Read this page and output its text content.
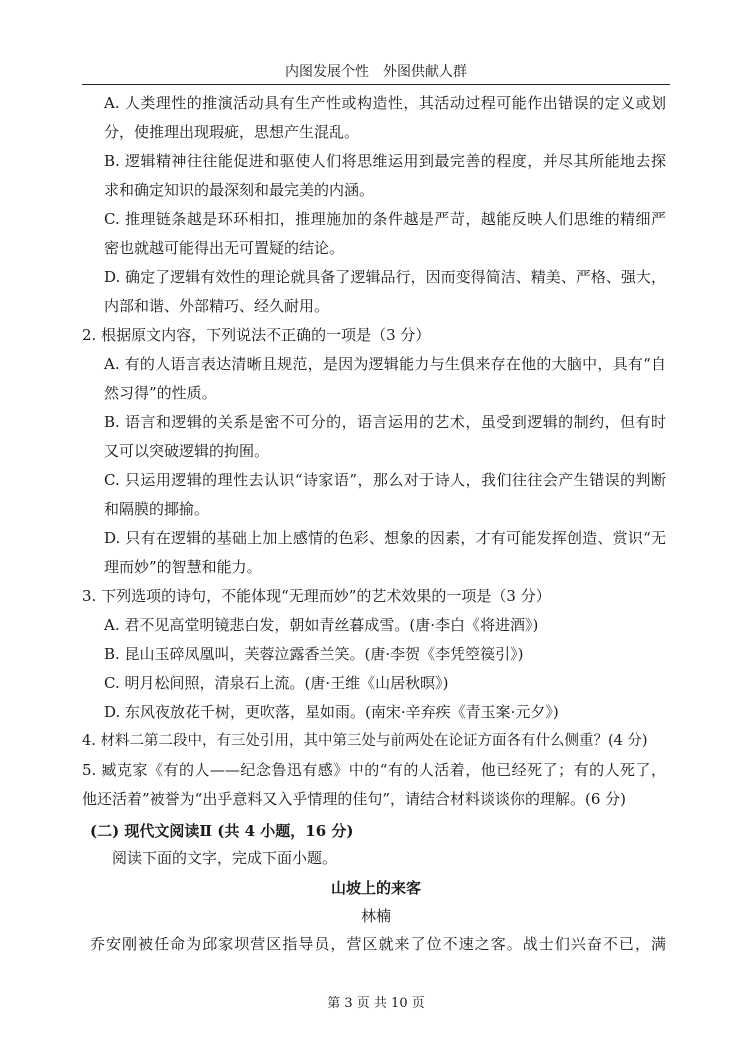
内图发展个性　外图供献人群
A. 人类理性的推演活动具有生产性或构造性，其活动过程可能作出错误的定义或划
分，使推理出现瑕疵，思想产生混乱。
B. 逻辑精神往往能促进和驱使人们将思维运用到最完善的程度，并尽其所能地去探
求和确定知识的最深刻和最完美的内涵。
C. 推理链条越是环环相扣，推理施加的条件越是严苛，越能反映人们思维的精细严
密也就越可能得出无可置疑的结论。
D. 确定了逻辑有效性的理论就具备了逻辑品行，因而变得简洁、精美、严格、强大，
内部和谐、外部精巧、经久耐用。
2. 根据原文内容，下列说法不正确的一项是（3 分）
A. 有的人语言表达清晰且规范，是因为逻辑能力与生俱来存在他的大脑中，具有“自
然习得”的性质。
B. 语言和逻辑的关系是密不可分的，语言运用的艺术，虽受到逻辑的制约，但有时
又可以突破逻辑的拘囿。
C. 只运用逻辑的理性去认识“诗家语”，那么对于诗人，我们往往会产生错误的判断
和隔膜的揶揄。
D. 只有在逻辑的基础上加上感情的色彩、想象的因素，才有可能发挥创造、赏识“无
理而妙”的智慧和能力。
3. 下列选项的诗句，不能体现“无理而妙”的艺术效果的一项是（3 分）
A. 君不见高堂明镜悲白发，朝如青丝暮成雪。(唐·李白《将进酒》)
B. 昆山玉碎凤凰叫，芙蓉泣露香兰笑。(唐·李贺《李凭箜篌引》)
C. 明月松间照，清泉石上流。(唐·王维《山居秋暝》)
D. 东风夜放花千树，更吹落，星如雨。(南宋·辛弃疾《青玉案·元夕》)
4. 材料二第二段中，有三处引用，其中第三处与前两处在论证方面各有什么侧重？(4 分)
5. 臧克家《有的人——纪念鲁迅有感》中的“有的人活着，他已经死了；有的人死了，
他还活着”被誉为“出乎意料又入乎情理的佳句”，请结合材料谈谈你的理解。(6 分)
(二) 现代文阅读Ⅱ (共 4 小题，16 分)
阅读下面的文字，完成下面小题。
山坡上的来客
林楠
乔安刚被任命为邱家坝营区指导员，营区就来了位不速之客。战士们兴奋不已，满
第 3 页 共 10 页
